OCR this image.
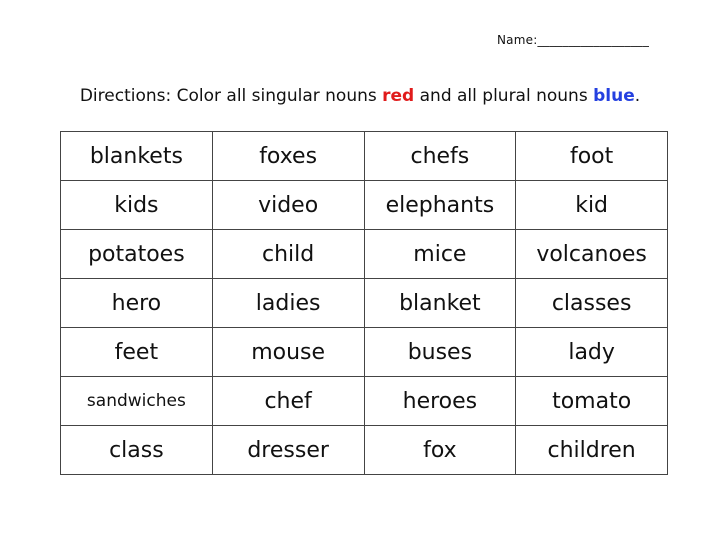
Name:__________________
Directions: Color all singular nouns red and all plural nouns blue.
blankets	foxes	chefs	foot
kids	video	elephants	kid
potatoes	child	mice	volcanoes
hero	ladies	blanket	classes
feet	mouse	buses	lady
sandwiches	chef	heroes	tomato
class	dresser	fox	children
